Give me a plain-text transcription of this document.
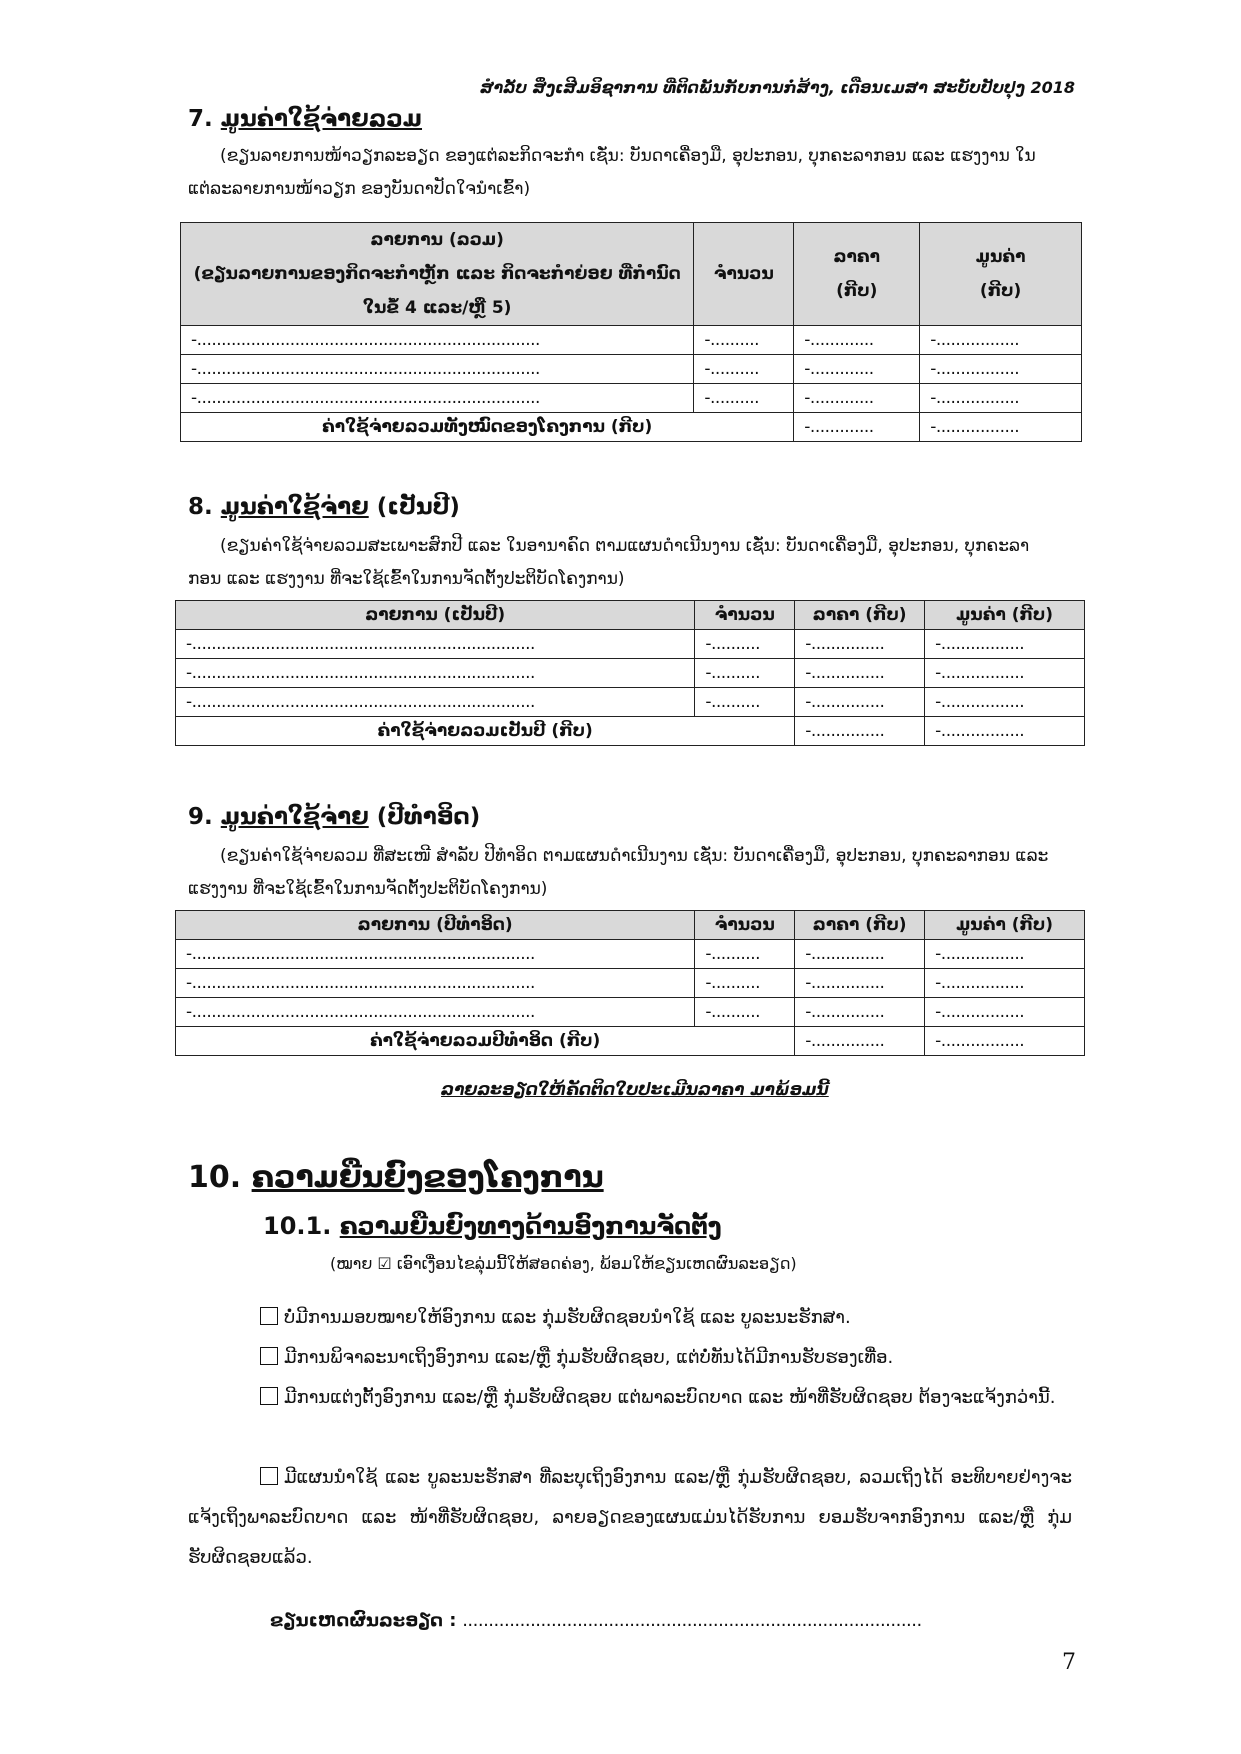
ສຳລັບ ສິ່ງເສີມອິຊາການ ທີ່ຕິດພັນກັບການກໍ່ສ້າງ, ເດືອນເມສາ ສະບັບປັບປຸງ 2018
7. ມູນຄ່າໃຊ້ຈ່າຍລວມ

(ຂຽນລາຍການໜ້າວຽກລະອຽດ ຂອງແຕ່ລະກິດຈະກຳ ເຊັ່ນ: ບັນດາເຄື່ອງມື, ອຸປະກອນ, ບຸກຄະລາກອນ ແລະ ແຮງງານ ໃນແຕ່ລະລາຍການໜ້າວຽກ ຂອງບັນດາປັດໃຈນໍາເຂົ້າ)

ລາຍການ (ລວມ)
(ຂຽນລາຍການຂອງກິດຈະກຳຫຼັກ ແລະ ກິດຈະກຳຍ່ອຍ ທີ່ກຳນົດ ໃນຂໍ້ 4 ແລະ/ຫຼື 5)	ຈຳນວນ	ລາຄາ (ກີບ)	ມູນຄ່າ (ກີບ)
-......................................................................	-..........	-.............	-.................
-......................................................................	-..........	-.............	-.................
-......................................................................	-..........	-.............	-.................
ຄ່າໃຊ້ຈ່າຍລວມທັງໝົດຂອງໂຄງການ (ກີບ)		-.............	-.................
8. ມູນຄ່າໃຊ້ຈ່າຍ (ເປັນປີ)

(ຂຽນຄ່າໃຊ້ຈ່າຍລວມສະເພາະສົກປີ ແລະ ໃນອານາຄົດ ຕາມແຜນດຳເນີນງານ ເຊັ່ນ: ບັນດາເຄື່ອງມື, ອຸປະກອນ, ບຸກຄະລາກອນ ແລະ ແຮງງານ ທີ່ຈະໃຊ້ເຂົ້າໃນການຈັດຕັ້ງປະຕິບັດໂຄງການ)

ລາຍການ (ເປັນປີ)	ຈຳນວນ	ລາຄາ (ກີບ)	ມູນຄ່າ (ກີບ)
-......................................................................	-..........	-...............	-.................
-......................................................................	-..........	-...............	-.................
-......................................................................	-..........	-...............	-.................
ຄ່າໃຊ້ຈ່າຍລວມເປັນປີ (ກີບ)		-...............	-.................
9. ມູນຄ່າໃຊ້ຈ່າຍ (ປີທຳອິດ)

(ຂຽນຄ່າໃຊ້ຈ່າຍລວມ ທີ່ສະເໜີ ສຳລັບ ປີທຳອິດ ຕາມແຜນດຳເນີນງານ ເຊັ່ນ: ບັນດາເຄື່ອງມື, ອຸປະກອນ, ບຸກຄະລາກອນ ແລະ ແຮງງານ ທີ່ຈະໃຊ້ເຂົ້າໃນການຈັດຕັ້ງປະຕິບັດໂຄງການ)

ລາຍການ (ປີທຳອິດ)	ຈຳນວນ	ລາຄາ (ກີບ)	ມູນຄ່າ (ກີບ)
-......................................................................	-..........	-...............	-.................
-......................................................................	-..........	-...............	-.................
-......................................................................	-..........	-...............	-.................
ຄ່າໃຊ້ຈ່າຍລວມປີທຳອິດ (ກີບ)		-...............	-.................
ລາຍລະອຽດໃຫ້ຄັດຕິດໃບປະເມີນລາຄາ ມາພ້ອມນີ້
10. ຄວາມຍືນຍົງຂອງໂຄງການ
10.1. ຄວາມຍືນຍົງທາງດ້ານອົງການຈັດຕັ້ງ
(ໝາຍ ☑ ເອົາເງື່ອນໄຂລຸ່ມນີ້ໃຫ້ສອດຄ່ອງ, ພ້ອມໃຫ້ຂຽນເຫດຜົນລະອຽດ)

ບໍ່ມີການມອບໝາຍໃຫ້ອົງການ ແລະ ກຸ່ມຮັບຜິດຊອບນຳໃຊ້ ແລະ ບູລະນະຮັກສາ.

ມີການພິຈາລະນາເຖິງອົງການ ແລະ/ຫຼື ກຸ່ມຮັບຜິດຊອບ, ແຕ່ບໍ່ທັນໄດ້ມີການຮັບຮອງເທື່ອ.

ມີການແຕ່ງຕັ້ງອົງການ ແລະ/ຫຼື ກຸ່ມຮັບຜິດຊອບ ແຕ່ພາລະບົດບາດ ແລະ ໜ້າທີ່ຮັບຜິດຊອບ ຕ້ອງຈະແຈ້ງກວ່ານີ້.

ມີແຜນນຳໃຊ້ ແລະ ບູລະນະຮັກສາ ທີ່ລະບຸເຖິງອົງການ ແລະ/ຫຼື ກຸ່ມຮັບຜິດຊອບ, ລວມເຖິງໄດ້ ອະທິບາຍຢ່າງຈະແຈ້ງເຖິງພາລະບົດບາດ ແລະ ໜ້າທີ່ຮັບຜິດຊອບ, ລາຍອຽດຂອງແຜນແມ່ນໄດ້ຮັບການ ຍອມຮັບຈາກອົງການ ແລະ/ຫຼື ກຸ່ມຮັບຜິດຊອບແລ້ວ.

ຂຽນເຫດຜົນລະອຽດ : ........................................................................................
7
